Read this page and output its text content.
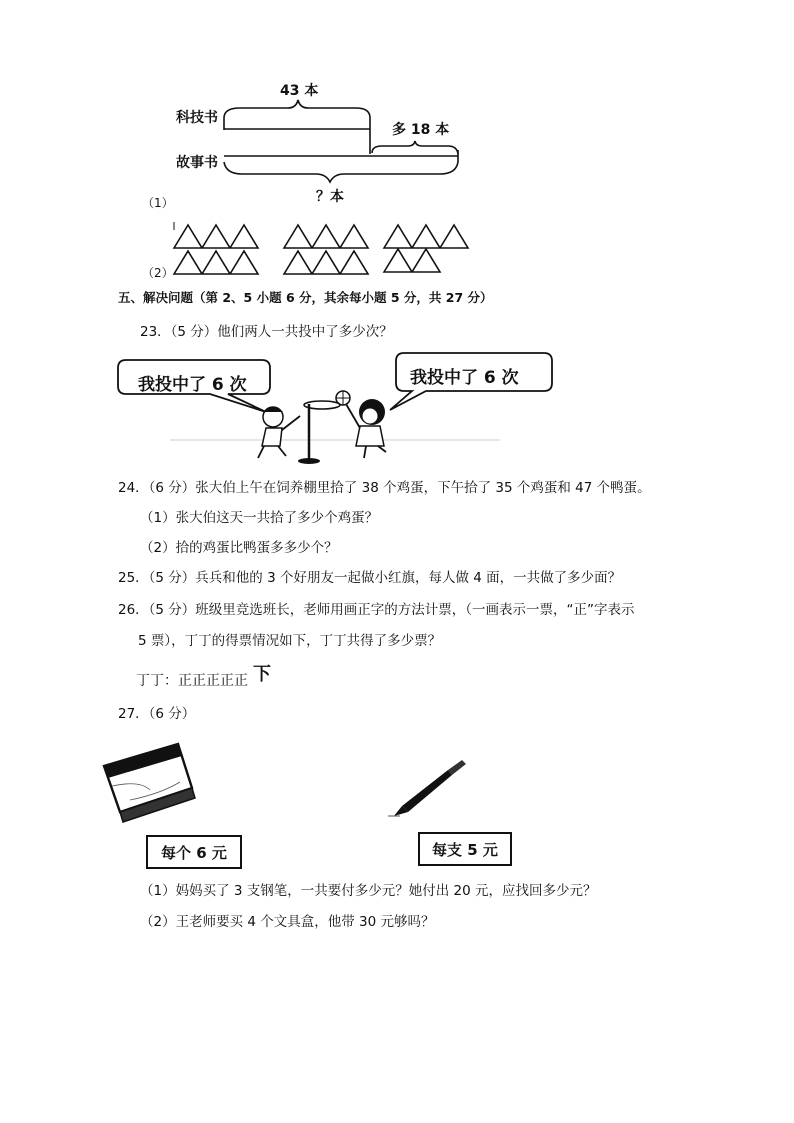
43 本
科技书
多 18 本
故事书
？本
（1）
（2）
五、解决问题（第 2、5 小题 6 分，其余每小题 5 分，共 27 分）
23．（5 分）他们两人一共投中了多少次？
我投中了 6 次	我投中了 6 次
24．（6 分）张大伯上午在饲养棚里拾了 38 个鸡蛋，下午拾了 35 个鸡蛋和 47 个鸭蛋。
（1）张大伯这天一共拾了多少个鸡蛋？
（2）拾的鸡蛋比鸭蛋多多少个？
25．（5 分）兵兵和他的 3 个好朋友一起做小红旗，每人做 4 面，一共做了多少面？
26．（5 分）班级里竞选班长，老师用画正字的方法计票，（一画表示一票，“正”字表示
5 票），丁丁的得票情况如下，丁丁共得了多少票？
丁丁：正正正正正 下
27．（6 分）
每个 6 元	每支 5 元
（1）妈妈买了 3 支钢笔，一共要付多少元？她付出 20 元，应找回多少元？
（2）王老师要买 4 个文具盒，他带 30 元够吗？
